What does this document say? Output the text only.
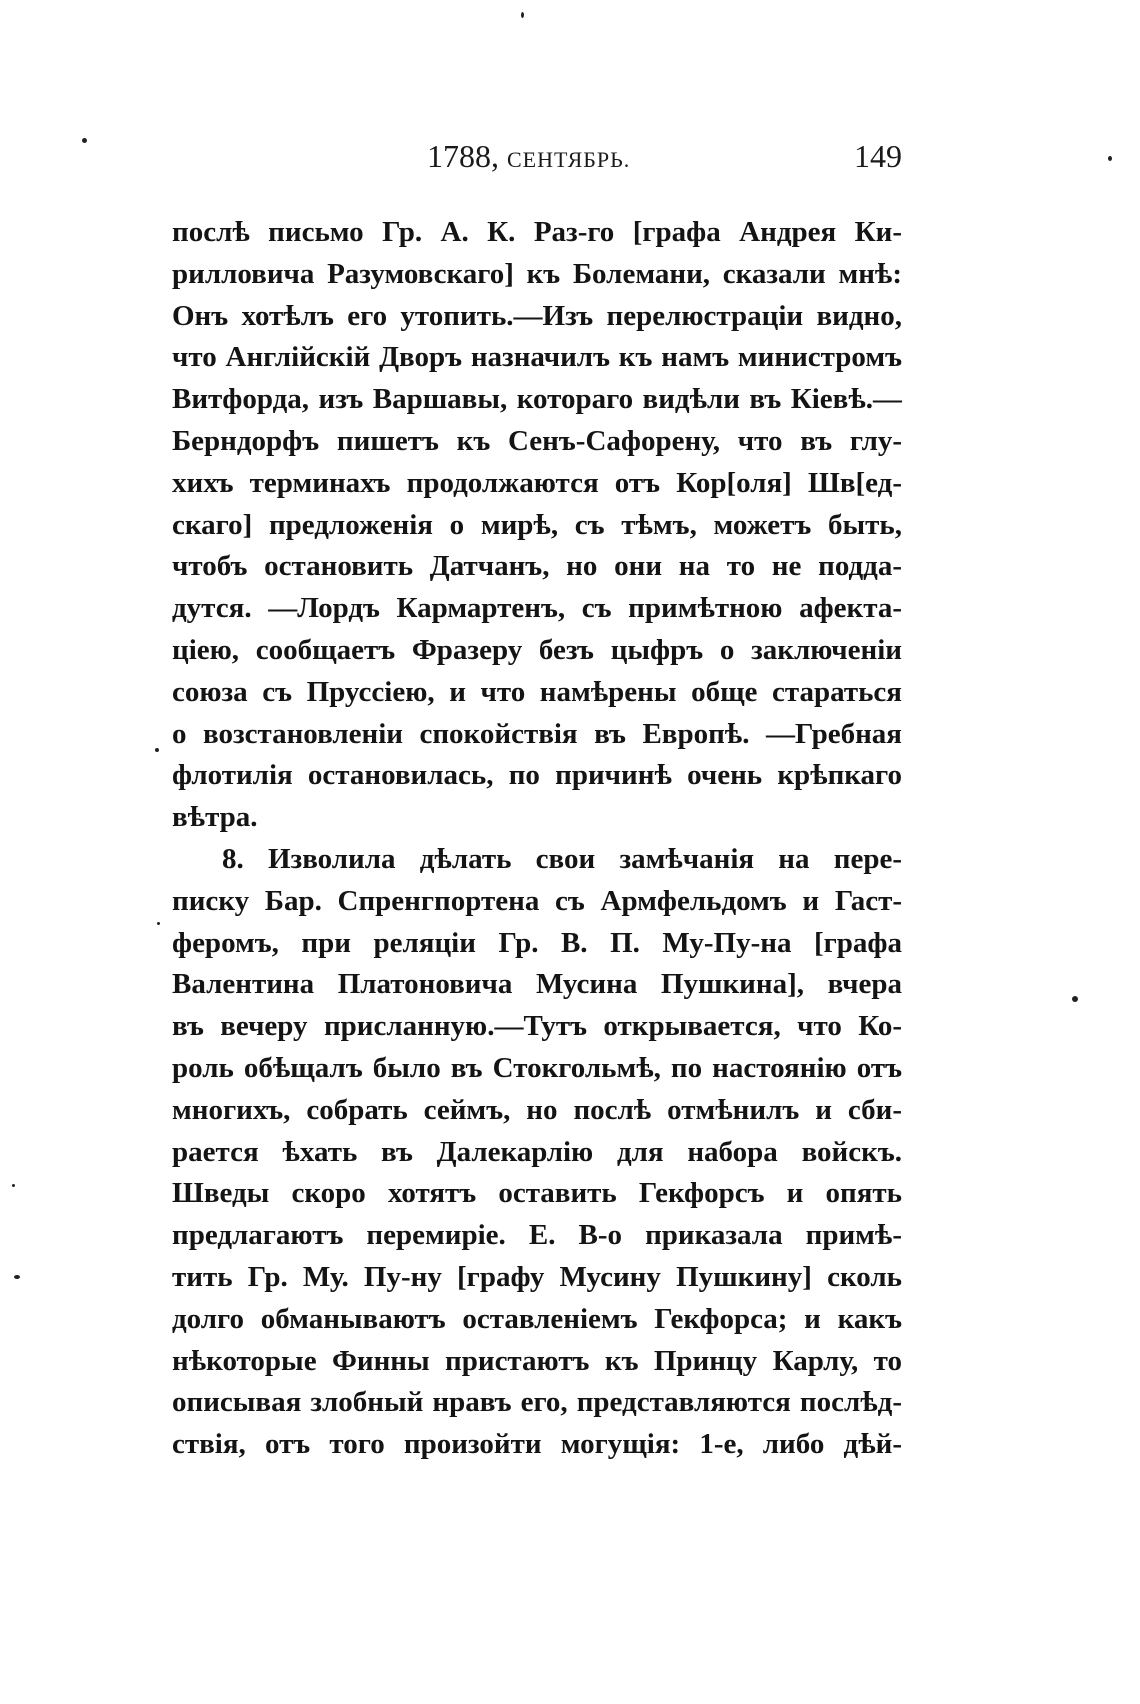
1788, СЕНТЯБРЬ.	149
послѣ письмо Гр. А. К. Раз-го [графа Андрея Ки-
рилловича Разумовскаго] къ Болемани, сказали мнѣ:
Онъ хотѣлъ его утопить.—Изъ перелюстраціи видно,
что Англійскій Дворъ назначилъ къ намъ министромъ
Витфорда, изъ Варшавы, котораго видѣли въ Кіевѣ.—
Берндорфъ пишетъ къ Сенъ-Сафорену, что въ глу-
хихъ терминахъ продолжаются отъ Кор[оля] Шв[ед-
скаго] предложенія о мирѣ, съ тѣмъ, можетъ быть,
чтобъ остановить Датчанъ, но они на то не подда-
дутся. —Лордъ Кармартенъ, съ примѣтною афекта-
ціею, сообщаетъ Фразеру безъ цыфръ о заключеніи
союза съ Пруссіею, и что намѣрены обще стараться
о возстановленіи спокойствія въ Европѣ. —Гребная
флотилія остановилась, по причинѣ очень крѣпкаго
вѣтра.
8. Изволила дѣлать свои замѣчанія на пере-
писку Бар. Спренгпортена съ Армфельдомъ и Гаст-
феромъ, при реляціи Гр. В. П. Му-Пу-на [графа
Валентина Платоновича Мусина Пушкина], вчера
въ вечеру присланную.—Тутъ открывается, что Ко-
роль обѣщалъ было въ Стокгольмѣ, по настоянію отъ
многихъ, собрать сеймъ, но послѣ отмѣнилъ и сби-
рается ѣхать въ Далекарлію для набора войскъ.
Шведы скоро хотятъ оставить Гекфорсъ и опять
предлагаютъ перемиріе. Е. В-о приказала примѣ-
тить Гр. Му. Пу-ну [графу Мусину Пушкину] сколь
долго обманываютъ оставленіемъ Гекфорса; и какъ
нѣкоторые Финны пристаютъ къ Принцу Карлу, то
описывая злобный нравъ его, представляются послѣд-
ствія, отъ того произойти могущія: 1-е, либо дѣй-
